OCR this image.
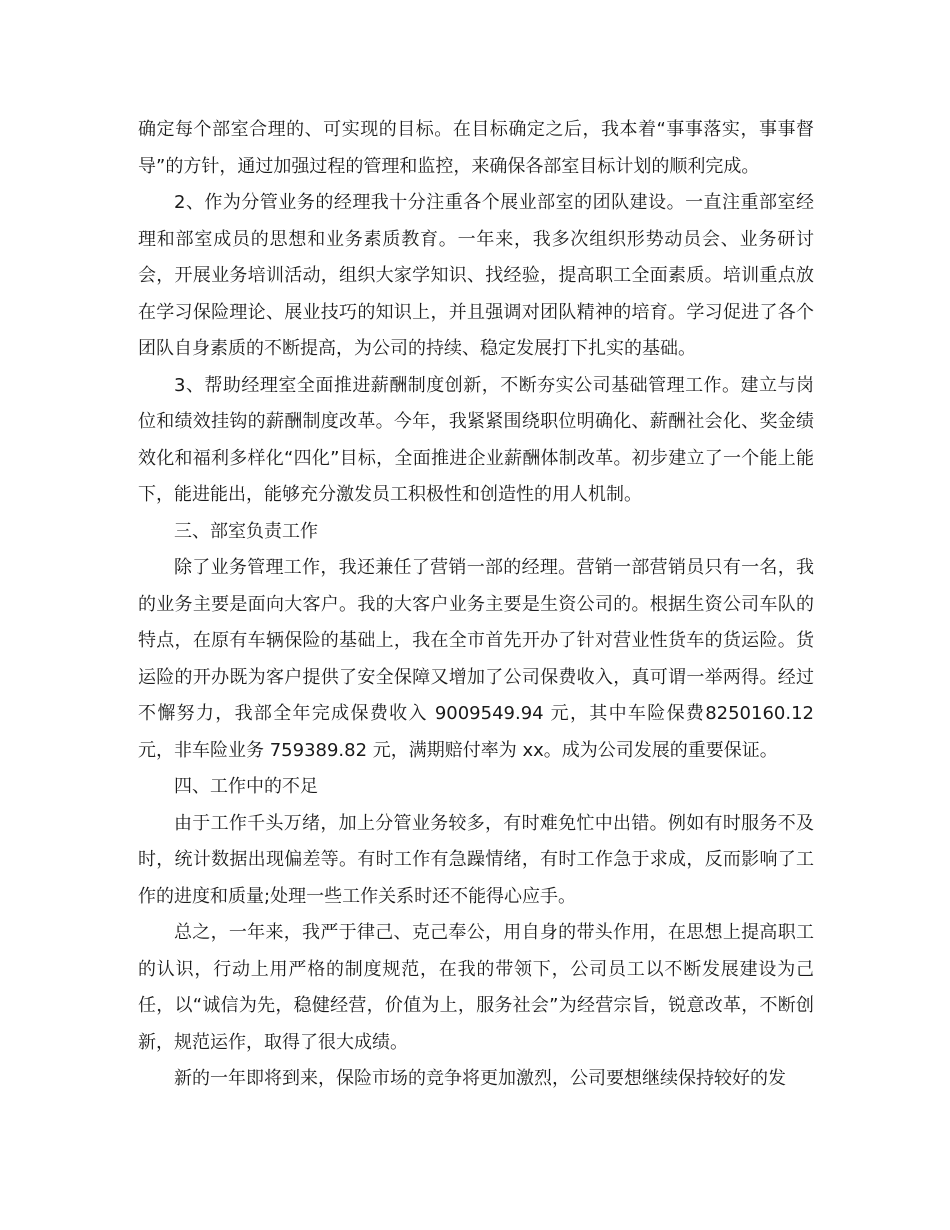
确定每个部室合理的、可实现的目标。在目标确定之后，我本着“事事落实，事事督导”的方针，通过加强过程的管理和监控，来确保各部室目标计划的顺利完成。

2、作为分管业务的经理我十分注重各个展业部室的团队建设。一直注重部室经理和部室成员的思想和业务素质教育。一年来，我多次组织形势动员会、业务研讨会，开展业务培训活动，组织大家学知识、找经验，提高职工全面素质。培训重点放在学习保险理论、展业技巧的知识上，并且强调对团队精神的培育。学习促进了各个团队自身素质的不断提高，为公司的持续、稳定发展打下扎实的基础。

3、帮助经理室全面推进薪酬制度创新，不断夯实公司基础管理工作。建立与岗位和绩效挂钩的薪酬制度改革。今年，我紧紧围绕职位明确化、薪酬社会化、奖金绩效化和福利多样化“四化”目标，全面推进企业薪酬体制改革。初步建立了一个能上能下，能进能出，能够充分激发员工积极性和创造性的用人机制。

三、部室负责工作

除了业务管理工作，我还兼任了营销一部的经理。营销一部营销员只有一名，我的业务主要是面向大客户。我的大客户业务主要是生资公司的。根据生资公司车队的特点，在原有车辆保险的基础上，我在全市首先开办了针对营业性货车的货运险。货运险的开办既为客户提供了安全保障又增加了公司保费收入，真可谓一举两得。经过不懈努力，我部全年完成保费收入 9009549.94 元，其中车险保费8250160.12 元，非车险业务 759389.82 元，满期赔付率为 xx。成为公司发展的重要保证。

四、工作中的不足

由于工作千头万绪，加上分管业务较多，有时难免忙中出错。例如有时服务不及时，统计数据出现偏差等。有时工作有急躁情绪，有时工作急于求成，反而影响了工作的进度和质量;处理一些工作关系时还不能得心应手。

总之，一年来，我严于律己、克己奉公，用自身的带头作用，在思想上提高职工的认识，行动上用严格的制度规范，在我的带领下，公司员工以不断发展建设为己任，以“诚信为先，稳健经营，价值为上，服务社会”为经营宗旨，锐意改革，不断创新，规范运作，取得了很大成绩。

新的一年即将到来，保险市场的竞争将更加激烈，公司要想继续保持较好的发
